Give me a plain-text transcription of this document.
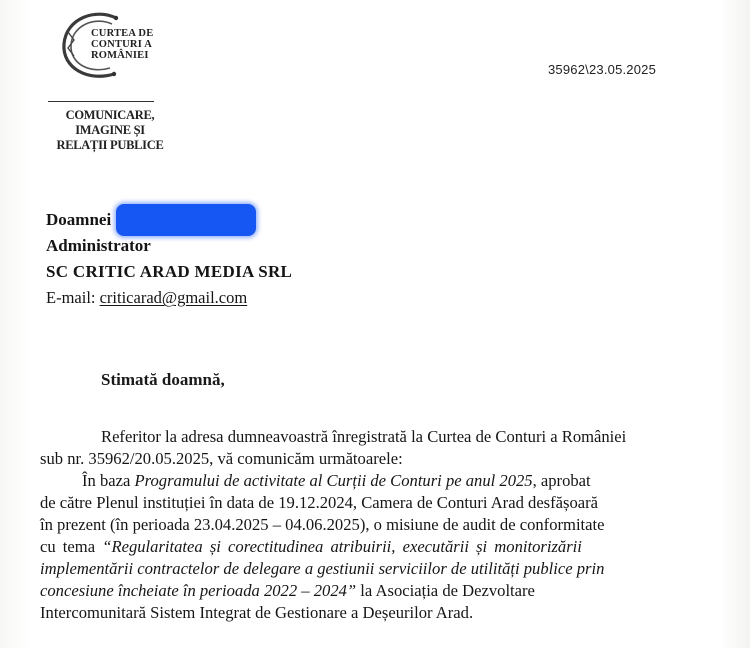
CURTEA DE
CONTURI A
ROMÂNIEI
COMUNICARE,
IMAGINE ȘI
RELAȚII PUBLICE
35962\23.05.2025
Doamnei
Administrator
SC CRITIC ARAD MEDIA SRL
E-mail: criticarad@gmail.com
Stimată doamnă,
Referitor la adresa dumneavoastră înregistrată la Curtea de Conturi a României
sub nr. 35962/20.05.2025, vă comunicăm următoarele:
În baza Programului de activitate al Curții de Conturi pe anul 2025, aprobat
de către Plenul instituției în data de 19.12.2024, Camera de Conturi Arad desfășoară
în prezent (în perioada 23.04.2025 – 04.06.2025), o misiune de audit de conformitate
cu tema “Regularitatea și corectitudinea atribuirii, executării și monitorizării
implementării contractelor de delegare a gestiunii serviciilor de utilități publice prin
concesiune încheiate în perioada 2022 – 2024” la Asociația de Dezvoltare
Intercomunitară Sistem Integrat de Gestionare a Deșeurilor Arad.
